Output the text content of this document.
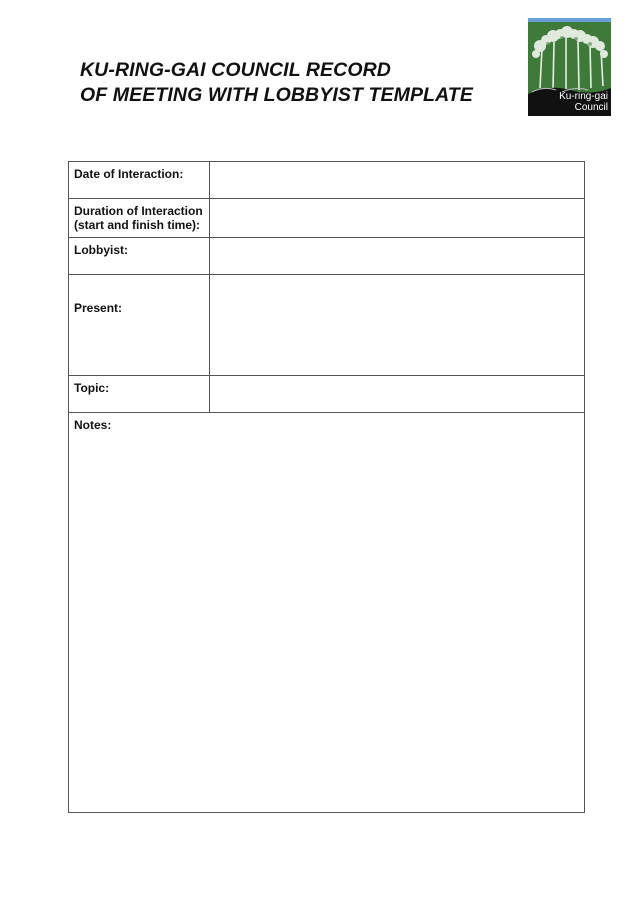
KU-RING-GAI COUNCIL RECORD
OF MEETING WITH LOBBYIST TEMPLATE	Ku-ring-gai
Council
Date of Interaction:	
Duration of Interaction (start and finish time):	
Lobbyist:	
Present:	
Topic:	

Notes:	
